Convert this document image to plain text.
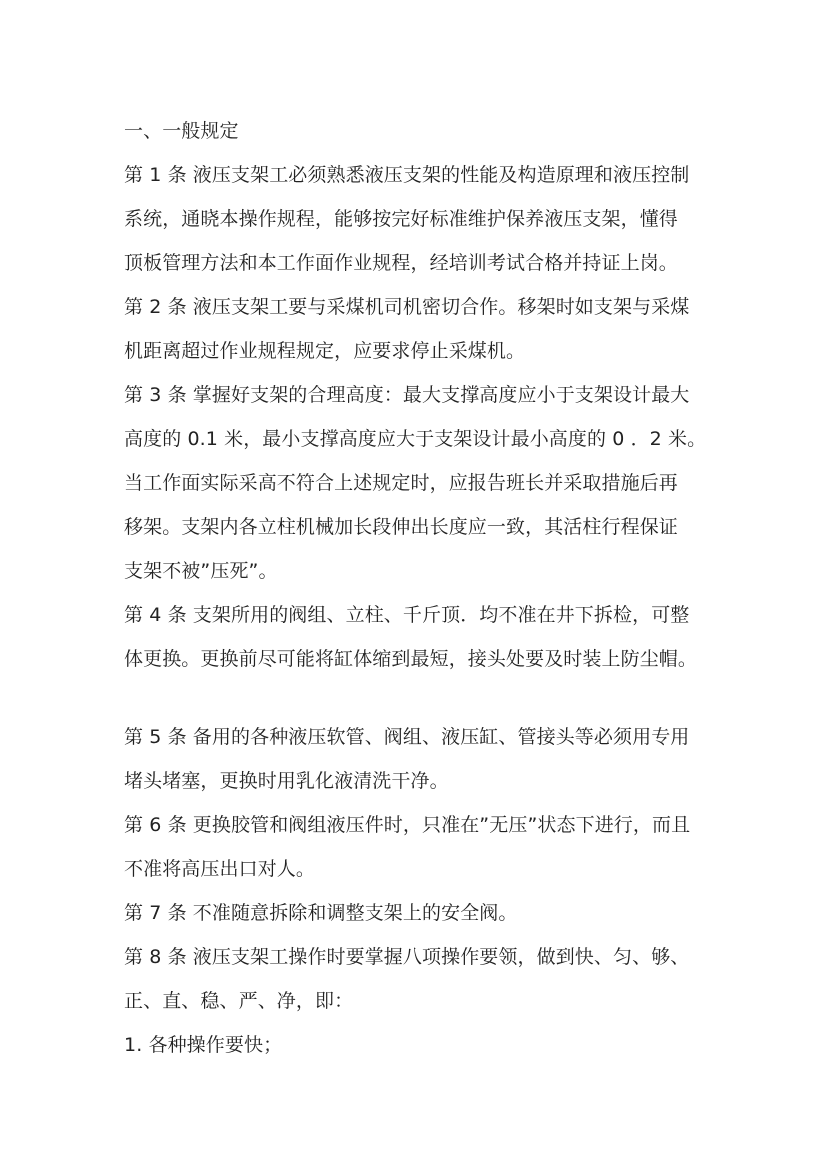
一、一般规定
第 1 条 液压支架工必须熟悉液压支架的性能及构造原理和液压控制
系统，通晓本操作规程，能够按完好标准维护保养液压支架，懂得
顶板管理方法和本工作面作业规程，经培训考试合格并持证上岗。
第 2 条 液压支架工要与采煤机司机密切合作。移架时如支架与采煤
机距离超过作业规程规定，应要求停止采煤机。
第 3 条 掌握好支架的合理高度：最大支撑高度应小于支架设计最大
高度的 0.1 米，最小支撑高度应大于支架设计最小高度的 0 ．2 米。
当工作面实际采高不符合上述规定时，应报告班长并采取措施后再
移架。支架内各立柱机械加长段伸出长度应一致，其活柱行程保证
支架不被”压死”。
第 4 条 支架所用的阀组、立柱、千斤顶．均不准在井下拆检，可整
体更换。更换前尽可能将缸体缩到最短，接头处要及时装上防尘帽。
第 5 条 备用的各种液压软管、阀组、液压缸、管接头等必须用专用
堵头堵塞，更换时用乳化液清洗干净。
第 6 条 更换胶管和阀组液压件时，只准在”无压”状态下进行，而且
不准将高压出口对人。
第 7 条 不准随意拆除和调整支架上的安全阀。
第 8 条 液压支架工操作时要掌握八项操作要领，做到快、匀、够、
正、直、稳、严、净，即：
1. 各种操作要快；
